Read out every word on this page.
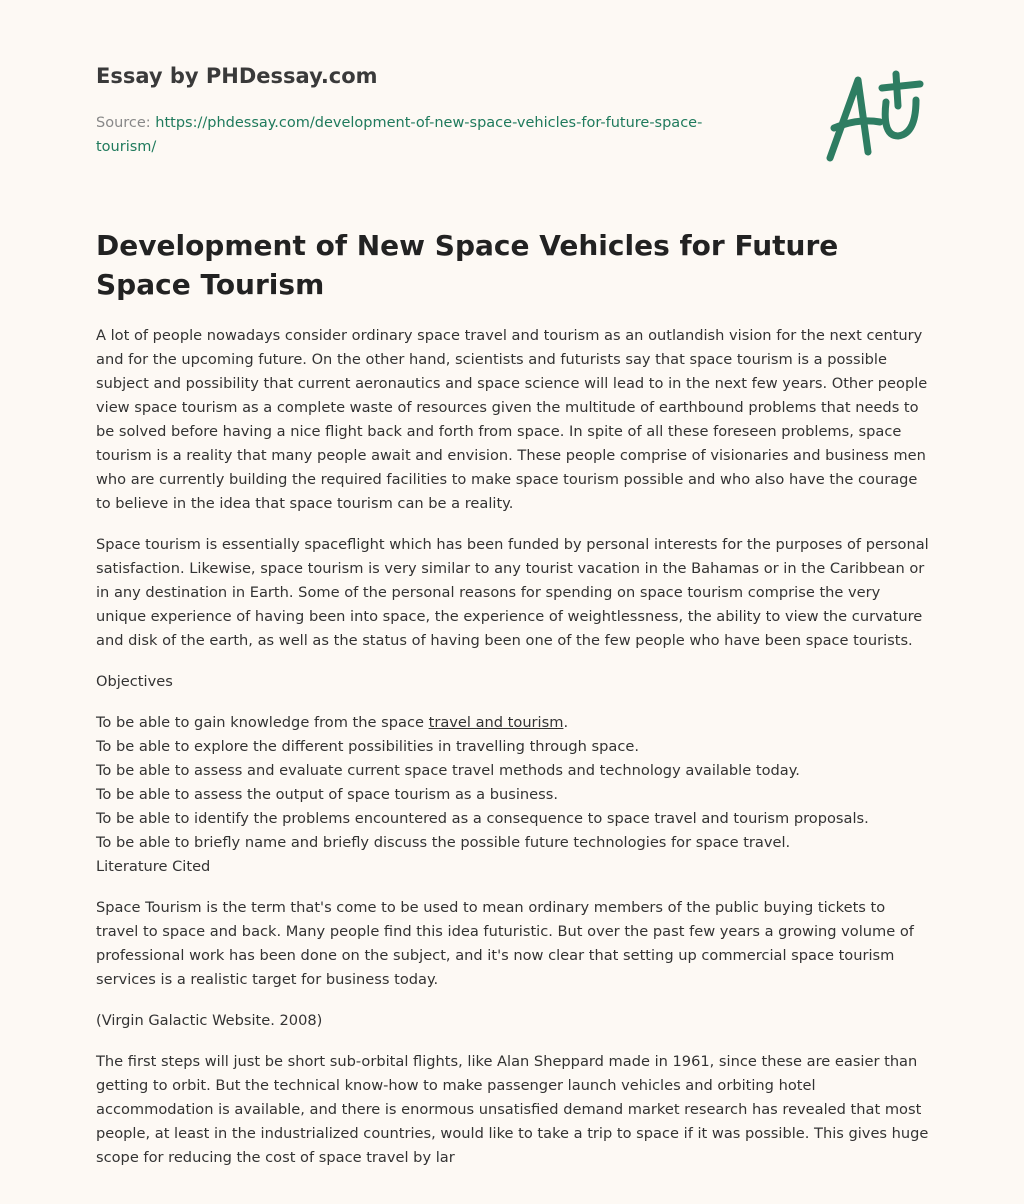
Essay by PHDessay.com
Source: https://phdessay.com/development-of-new-space-vehicles-for-future-space-tourism/
Development of New Space Vehicles for Future Space Tourism

A lot of people nowadays consider ordinary space travel and tourism as an outlandish vision for the next century and for the upcoming future. On the other hand, scientists and futurists say that space tourism is a possible subject and possibility that current aeronautics and space science will lead to in the next few years. Other people view space tourism as a complete waste of resources given the multitude of earthbound problems that needs to be solved before having a nice flight back and forth from space. In spite of all these foreseen problems, space tourism is a reality that many people await and envision. These people comprise of visionaries and business men who are currently building the required facilities to make space tourism possible and who also have the courage to believe in the idea that space tourism can be a reality.

Space tourism is essentially spaceflight which has been funded by personal interests for the purposes of personal satisfaction. Likewise, space tourism is very similar to any tourist vacation in the Bahamas or in the Caribbean or in any destination in Earth. Some of the personal reasons for spending on space tourism comprise the very unique experience of having been into space, the experience of weightlessness, the ability to view the curvature and disk of the earth, as well as the status of having been one of the few people who have been space tourists.

Objectives

To be able to gain knowledge from the space travel and tourism.
To be able to explore the different possibilities in travelling through space.
To be able to assess and evaluate current space travel methods and technology available today.
To be able to assess the output of space tourism as a business.
To be able to identify the problems encountered as a consequence to space travel and tourism proposals.
To be able to briefly name and briefly discuss the possible future technologies for space travel.
Literature Cited

Space Tourism is the term that's come to be used to mean ordinary members of the public buying tickets to travel to space and back. Many people find this idea futuristic. But over the past few years a growing volume of professional work has been done on the subject, and it's now clear that setting up commercial space tourism services is a realistic target for business today.

(Virgin Galactic Website. 2008)

The first steps will just be short sub-orbital flights, like Alan Sheppard made in 1961, since these are easier than getting to orbit. But the technical know-how to make passenger launch vehicles and orbiting hotel accommodation is available, and there is enormous unsatisfied demand market research has revealed that most people, at least in the industrialized countries, would like to take a trip to space if it was possible. This gives huge scope for reducing the cost of space travel by lar
